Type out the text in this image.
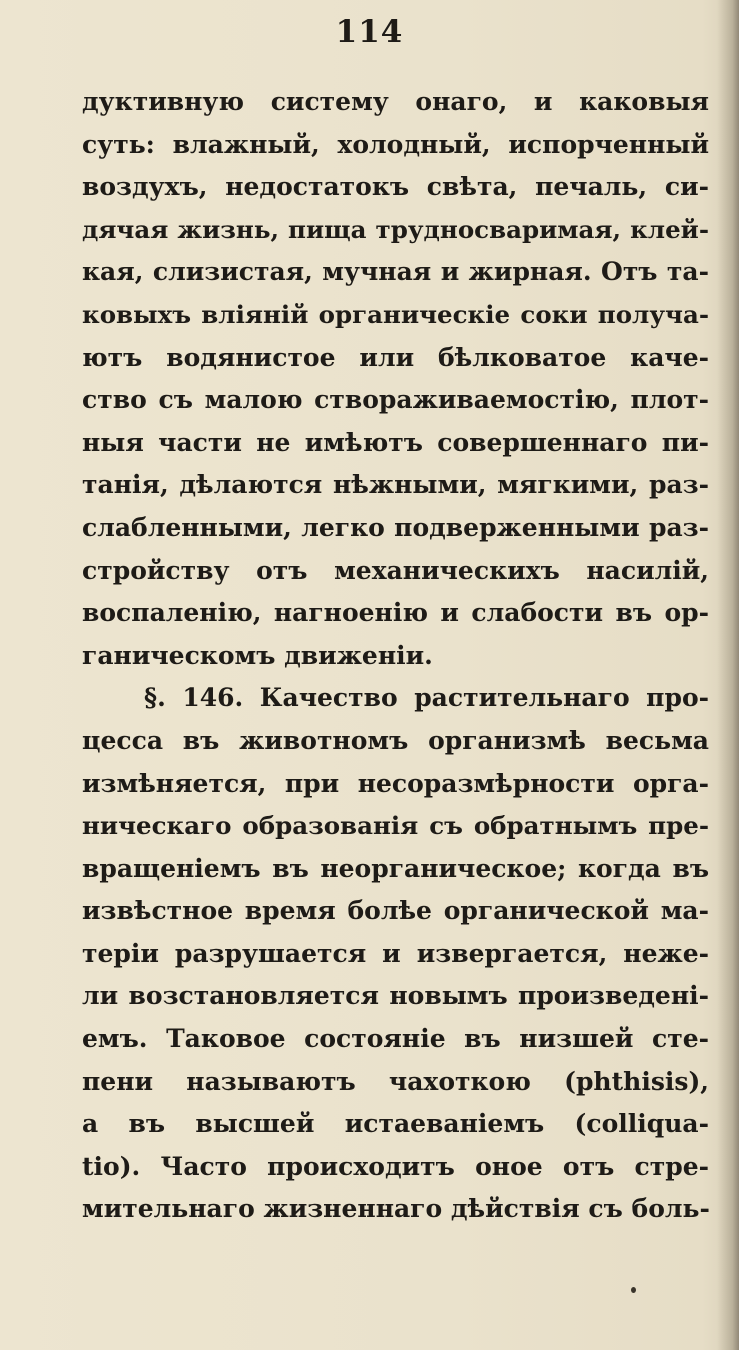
114
дуктивную систему онаго, и каковыя
суть: влажный, холодный, испорченный
воздухъ, недостатокъ свѣта, печаль, си-
дячая жизнь, пища трудносваримая, клей-
кая, слизистая, мучная и жирная. Отъ та-
ковыхъ вліяній органическіе соки получа-
ютъ водянистое или бѣлковатое каче-
ство съ малою створаживаемостію, плот-
ныя части не имѣютъ совершеннаго пи-
танія, дѣлаются нѣжными, мягкими, раз-
слабленными, легко подверженными раз-
стройству отъ механическихъ насилій,
воспаленію, нагноенію и слабости въ ор-
ганическомъ движеніи.
§. 146. Качество растительнаго про-
цесса въ животномъ организмѣ весьма
измѣняется, при несоразмѣрности орга-
ническаго образованія съ обратнымъ пре-
вращеніемъ въ неорганическое; когда въ
извѣстное время болѣе органической ма-
теріи разрушается и извергается, неже-
ли возстановляется новымъ произведені-
емъ. Таковое состояніе въ низшей сте-
пени называютъ чахоткою (phthisis),
а въ высшей истаеваніемъ (colliqua-
tio). Часто происходитъ оное отъ стре-
мительнаго жизненнаго дѣйствія съ боль-
